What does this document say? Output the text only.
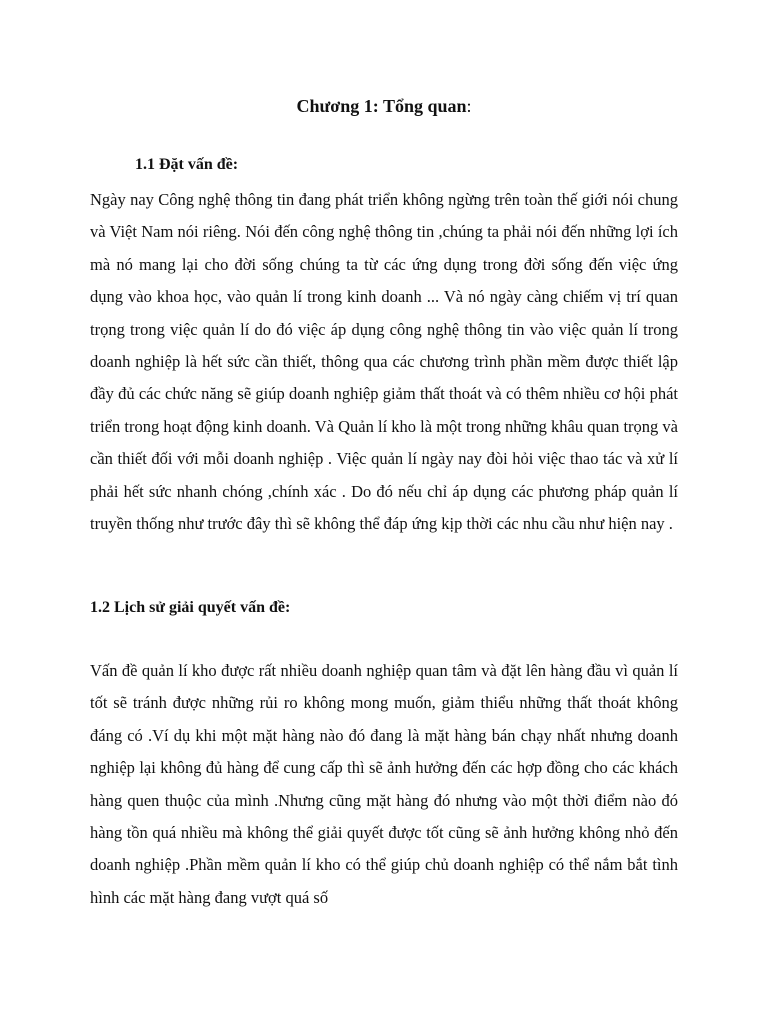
Chương 1: Tổng quan:
1.1 Đặt vấn đề:

Ngày nay Công nghệ thông tin đang phát triển không ngừng trên toàn thế giới nói chung và Việt Nam nói riêng. Nói đến công nghệ thông tin ,chúng ta phải nói đến những lợi ích mà nó mang lại cho đời sống chúng ta từ các ứng dụng trong đời sống đến việc ứng dụng vào khoa học, vào quản lí trong kinh doanh ... Và nó ngày càng chiếm vị trí quan trọng trong việc quản lí do đó việc áp dụng công nghệ thông tin vào việc quản lí trong doanh nghiệp là hết sức cần thiết, thông qua các chương trình phần mềm được thiết lập đầy đủ các chức năng sẽ giúp doanh nghiệp giảm thất thoát và có thêm nhiều cơ hội phát triển trong hoạt động kinh doanh. Và Quản lí kho là một trong những khâu quan trọng và cần thiết đối với mỗi doanh nghiệp . Việc quản lí ngày nay đòi hỏi việc thao tác và xử lí phải hết sức nhanh chóng ,chính xác . Do đó nếu chỉ áp dụng các phương pháp quản lí truyền thống như trước đây thì sẽ không thể đáp ứng kịp thời các nhu cầu như hiện nay .

1.2 Lịch sử giải quyết vấn đề:

Vấn đề quản lí kho được rất nhiều doanh nghiệp quan tâm và đặt lên hàng đầu vì quản lí tốt sẽ tránh được những rủi ro không mong muốn, giảm thiểu những thất thoát không đáng có .Ví dụ khi một mặt hàng nào đó đang là mặt hàng bán chạy nhất nhưng doanh nghiệp lại không đủ hàng để cung cấp thì sẽ ảnh hưởng đến các hợp đồng cho các khách hàng quen thuộc của mình .Nhưng cũng mặt hàng đó nhưng vào một thời điểm nào đó hàng tồn quá nhiều mà không thể giải quyết được tốt cũng sẽ ảnh hưởng không nhỏ đến doanh nghiệp .Phần mềm quản lí kho có thể giúp chủ doanh nghiệp có thể nắm bắt tình hình các mặt hàng đang vượt quá số
